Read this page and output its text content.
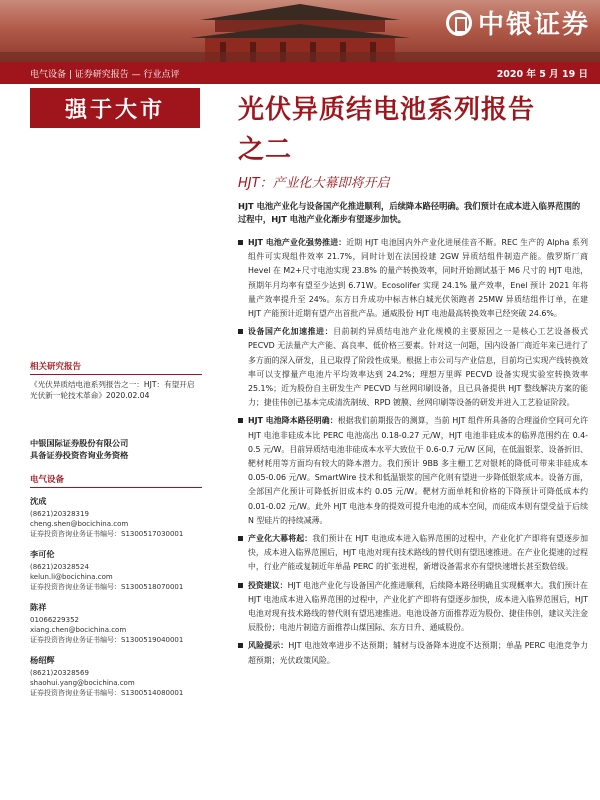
中银证券
电气设备 | 证券研究报告 — 行业点评	2020 年 5 月 19 日
强于大市
相关研究报告
《光伏异质结电池系列报告之一：HJT：有望开启光伏新一轮技术革命》2020.02.04
中银国际证券股份有限公司
具备证券投资咨询业务资格
电气设备
沈成
(8621)20328319
cheng.shen@bocichina.com
证券投资咨询业务证书编号：S1300517030001
李可伦
(8621)20328524
kelun.li@bocichina.com
证券投资咨询业务证书编号：S1300518070001
陈祥
01066229352
xiang.chen@bocichina.com
证券投资咨询业务证书编号：S1300519040001
杨绍辉
(8621)20328569
shaohui.yang@bocichina.com
证券投资咨询业务证书编号：S1300514080001
光伏异质结电池系列报告
之二
HJT：产业化大幕即将开启
HJT 电池产业化与设备国产化推进顺利，后续降本路径明确。我们预计在成本进入临界范围的过程中，HJT 电池产业化渐步有望逐步加快。
HJT 电池产业化强势推进：近期 HJT 电池国内外产业化进展佳音不断。REC 生产的 Alpha 系列组件可实现组件效率 21.7%，同时计划在法国投建 2GW 异质结组件制造产能。俄罗斯厂商 Hevel 在 M2+尺寸电池实现 23.8% 的量产转换效率，同时开始测试基于 M6 尺寸的 HJT 电池，预期年月均率有望至少达到 6.71W。Ecosolifer 实现 24.1% 量产效率，Enel 预计 2021 年将量产效率提升至 24%。东方日升成功中标吉林白城光伏领跑者 25MW 异质结组件订单，在建 HJT 产能预计近期有望产出首批产品。通威股份 HJT 电池最高转换效率已经突破 24.6%。
设备国产化加速推进：目前制约异质结电池产业化规模的主要原因之一是核心工艺设备极式 PECVD 无法量产大产能、高良率、低价格三要素。针对这一问题，国内设备厂商近年来已进行了多方面的深入研发，且已取得了阶段性成果。根据上市公司与产业信息，目前均已实现产线转换效率可以支撑量产电池片平均效率达到 24.2%；理想万里晖 PECVD 设备实现实验室转换效率 25.1%；近为股份自主研发生产 PECVD 与丝网印刷设备，且已具备提供 HJT 整线解决方案的能力；捷佳伟创已基本完成清洗制绒、RPD 镀膜、丝网印刷等设备的研发并进入工艺验证阶段。
HJT 电池降本路径明确：根据我们前期报告的测算，当前 HJT 组件所具备的合理溢价空间可允许 HJT 电池非硅成本比 PERC 电池高出 0.18-0.27 元/W，HJT 电池非硅成本的临界范围约在 0.4-0.5 元/W。目前异质结电池非硅成本水平大致位于 0.6-0.7 元/W 区间，在低温银浆、设备折旧、靶材耗用等方面均有较大的降本潜力。我们预计 9BB 多主栅工艺对银耗的降低可带来非硅成本 0.05-0.06 元/W。SmartWire 技术和低温银浆的国产化则有望进一步降低银浆成本。设备方面，全部国产化预计可降低折旧成本约 0.05 元/W。靶材方面单耗和价格的下降预计可降低成本约 0.01-0.02 元/W。此外 HJT 电池本身的提效可提升电池的成本空间，而硅成本则有望受益于后续 N 型硅片的持续减薄。
产业化大幕将起：我们预计在 HJT 电池成本进入临界范围的过程中，产业化扩产即将有望逐步加快，成本进入临界范围后，HJT 电池对现有技术路线的替代则有望迅速推进。在产业化提速的过程中，行业产能或复制近年单晶 PERC 的扩张进程，新增设备需求亦有望快速增长甚至数倍级。
投资建议：HJT 电池产业化与设备国产化推进顺利，后续降本路径明确且实现概率大。我们预计在 HJT 电池成本进入临界范围的过程中，产业化扩产即将有望逐步加快，成本进入临界范围后，HJT 电池对现有技术路线的替代则有望迅速推进。电池设备方面推荐迈为股份、捷佳伟创，建议关注金辰股份；电池片制造方面推荐山煤国际、东方日升、通威股份。
风险提示：HJT 电池效率进步不达预期；辅材与设备降本进度不达预期；单晶 PERC 电池竞争力超预期；光伏政策风险。
